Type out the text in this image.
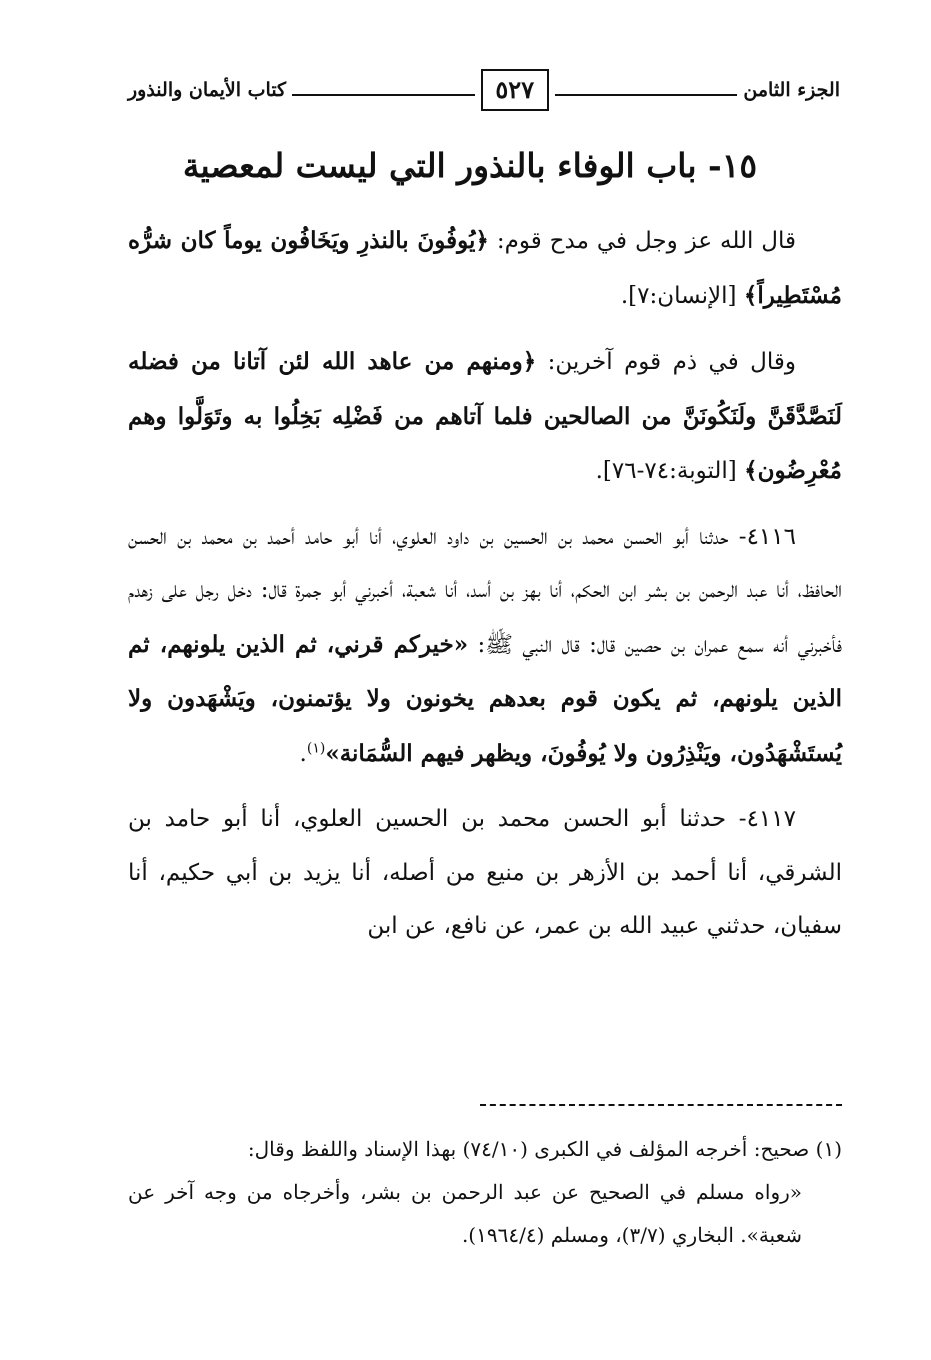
الجزء الثامن
٥٢٧
كتاب الأيمان والنذور
١٥- باب الوفاء بالنذور التي ليست لمعصية

قال الله عز وجل في مدح قوم: ﴿يُوفُونَ بالنذرِ ويَخَافُون يوماً كان شرُّه مُسْتَطِيراً﴾ [الإنسان:٧].

وقال في ذم قوم آخرين: ﴿ومنهم من عاهد الله لئن آتانا من فضله لَنَصَّدَّقَنَّ ولَنَكُونَنَّ من الصالحين فلما آتاهم من فَضْلِه بَخِلُوا به وتَوَلَّوا وهم مُعْرِضُون﴾ [التوبة:٧٤-٧٦].

٤١١٦- حدثنا أبو الحسن محمد بن الحسين بن داود العلوي، أنا أبو حامد أحمد بن محمد بن الحسن الحافظ، أنا عبد الرحمن بن بشر ابن الحكم، أنا بهز بن أسد، أنا شعبة، أخبرني أبو جمرة قال: دخل رجل على زهدم فأخبرني أنه سمع عمران بن حصين قال: قال النبي ﷺ: «خيركم قرني، ثم الذين يلونهم، ثم الذين يلونهم، ثم يكون قوم بعدهم يخونون ولا يؤتمنون، ويَشْهَدون ولا يُستَشْهَدُون، ويَنْذِرُون ولا يُوفُونَ، ويظهر فيهم السُّمَانة»$^{(١)}$.

٤١١٧- حدثنا أبو الحسن محمد بن الحسين العلوي، أنا أبو حامد بن الشرقي، أنا أحمد بن الأزهر بن منيع من أصله، أنا يزيد بن أبي حكيم، أنا سفيان، حدثني عبيد الله بن عمر، عن نافع، عن ابن

(١) صحيح: أخرجه المؤلف في الكبرى (٧٤/١٠) بهذا الإسناد واللفظ وقال:

«رواه مسلم في الصحيح عن عبد الرحمن بن بشر، وأخرجاه من وجه آخر عن شعبة». البخاري (٣/٧)، ومسلم (١٩٦٤/٤).
